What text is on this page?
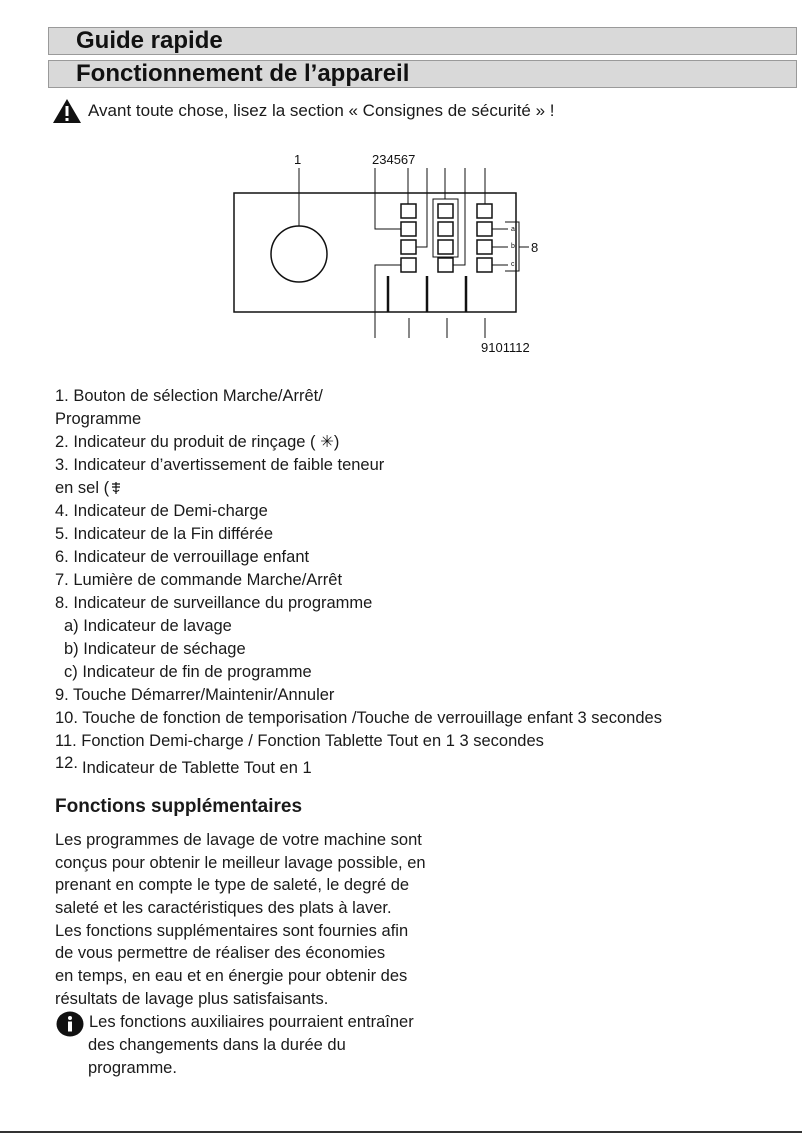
Guide rapide
Fonctionnement de l’appareil
Avant toute chose, lisez la section « Consignes de sécurité » !
1	234567
8
9101112
a
b
c
1. Bouton de sélection Marche/Arrêt/
Programme
2. Indicateur du produit de rinçage ( ✳)
3. Indicateur d’avertissement de faible teneur
en sel (
4. Indicateur de Demi-charge
5. Indicateur de la Fin différée
6. Indicateur de verrouillage enfant
7. Lumière de commande Marche/Arrêt
8. Indicateur de surveillance du programme
a) Indicateur de lavage
b) Indicateur de séchage
c) Indicateur de fin de programme
9. Touche Démarrer/Maintenir/Annuler
10. Touche de fonction de temporisation /Touche de verrouillage enfant 3 secondes
11. Fonction Demi-charge / Fonction Tablette Tout en 1 3 secondes
12. Indicateur de Tablette Tout en 1
Fonctions supplémentaires
Les programmes de lavage de votre machine sont
conçus pour obtenir le meilleur lavage possible, en
prenant en compte le type de saleté, le degré de
saleté et les caractéristiques des plats à laver.
Les fonctions supplémentaires sont fournies afin
de vous permettre de réaliser des économies
en temps, en eau et en énergie pour obtenir des
résultats de lavage plus satisfaisants.
Les fonctions auxiliaires pourraient entraîner
des changements dans la durée du
programme.
